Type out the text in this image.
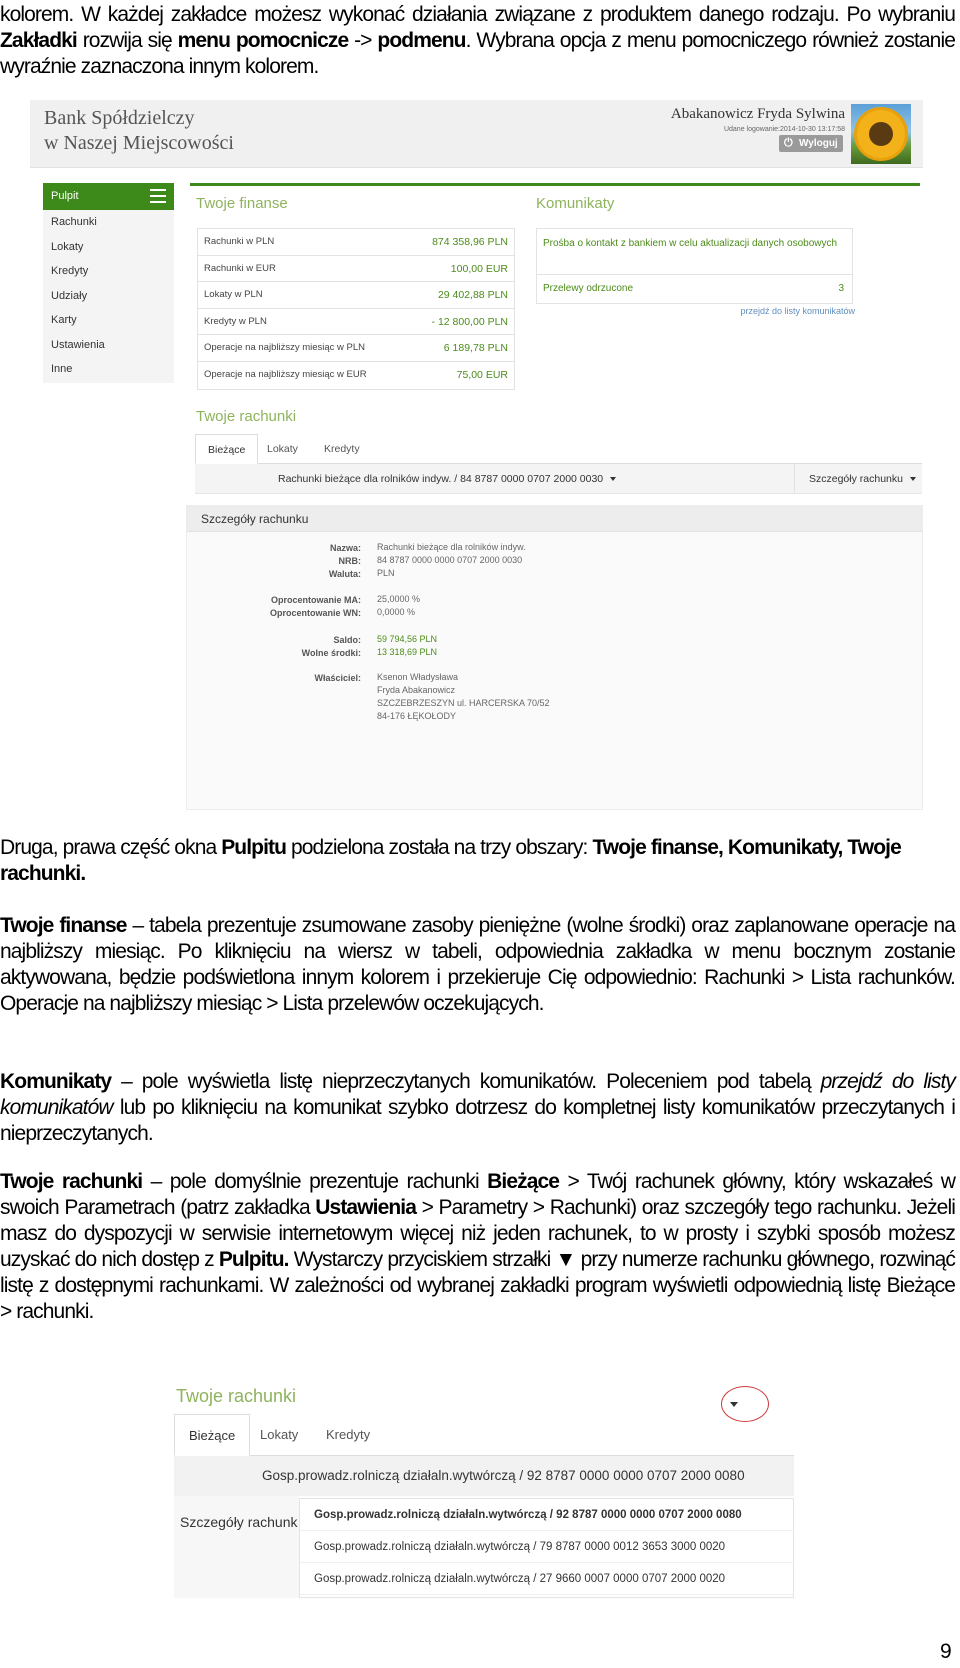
kolorem. W każdej zakładce możesz wykonać działania związane z produktem danego rodzaju. Po wybraniu Zakładki rozwija się menu pomocnicze -> podmenu. Wybrana opcja z menu pomocniczego również zostanie wyraźnie zaznaczona innym kolorem.
Bank Spółdzielczy
w Naszej Miejscowości
Abakanowicz Fryda Sylwina
Udane logowanie:2014-10-30 13:17:58
⏻ Wyloguj
Pulpit
Rachunki
Lokaty
Kredyty
Udziały
Karty
Ustawienia
Inne
Twoje finanse
Rachunki w PLN	874 358,96 PLN
Rachunki w EUR	100,00 EUR
Lokaty w PLN	29 402,88 PLN
Kredyty w PLN	- 12 800,00 PLN
Operacje na najbliższy miesiąc w PLN	6 189,78 PLN
Operacje na najbliższy miesiąc w EUR	75,00 EUR
Komunikaty
Prośba o kontakt z bankiem w celu aktualizacji danych osobowych
Przelewy odrzucone	3
przejdź do listy komunikatów
Twoje rachunki
Bieżące	Lokaty	Kredyty
Rachunki bieżące dla rolników indyw. / 84 8787 0000 0707 2000 0030	Szczegóły rachunku
Szczegóły rachunku
Nazwa: Rachunki bieżące dla rolników indyw.
NRB: 84 8787 0000 0000 0707 2000 0030
Waluta: PLN
Oprocentowanie MA: 25,0000 %
Oprocentowanie WN: 0,0000 %
Saldo: 59 794,56 PLN
Wolne środki: 13 318,69 PLN
Właściciel: Ksenon Władysława
Fryda Abakanowicz
SZCZEBRZESZYN ul. HARCERSKA 70/52
84-176 ŁĘKOŁODY
Druga, prawa część okna Pulpitu podzielona została na trzy obszary: Twoje finanse, Komunikaty, Twoje rachunki.
Twoje finanse – tabela prezentuje zsumowane zasoby pieniężne (wolne środki) oraz zaplanowane operacje na najbliższy miesiąc. Po kliknięciu na wiersz w tabeli, odpowiednia zakładka w menu bocznym zostanie aktywowana, będzie podświetlona innym kolorem i przekieruje Cię odpowiednio: Rachunki > Lista rachunków. Operacje na najbliższy miesiąc > Lista przelewów oczekujących.
Komunikaty – pole wyświetla listę nieprzeczytanych komunikatów. Poleceniem pod tabelą przejdź do listy komunikatów lub po kliknięciu na komunikat szybko dotrzesz do kompletnej listy komunikatów przeczytanych i nieprzeczytanych.
Twoje rachunki – pole domyślnie prezentuje rachunki Bieżące > Twój rachunek główny, który wskazałeś w swoich Parametrach (patrz zakładka Ustawienia > Parametry > Rachunki) oraz szczegóły tego rachunku. Jeżeli masz do dyspozycji w serwisie internetowym więcej niż jeden rachunek, to w prosty i szybki sposób możesz uzyskać do nich dostęp z Pulpitu. Wystarczy przyciskiem strzałki ▼ przy numerze rachunku głównego, rozwinąć listę z dostępnymi rachunkami. W zależności od wybranej zakładki program wyświetli odpowiednią listę Bieżące > rachunki.
Twoje rachunki
Bieżące	Lokaty	Kredyty
Gosp.prowadz.rolniczą działaln.wytwórczą / 92 8787 0000 0000 0707 2000 0080
Szczegóły rachunk	Gosp.prowadz.rolniczą działaln.wytwórczą / 92 8787 0000 0000 0707 2000 0080
Gosp.prowadz.rolniczą działaln.wytwórczą / 79 8787 0000 0012 3653 3000 0020
Gosp.prowadz.rolniczą działaln.wytwórczą / 27 9660 0007 0000 0707 2000 0020
9
